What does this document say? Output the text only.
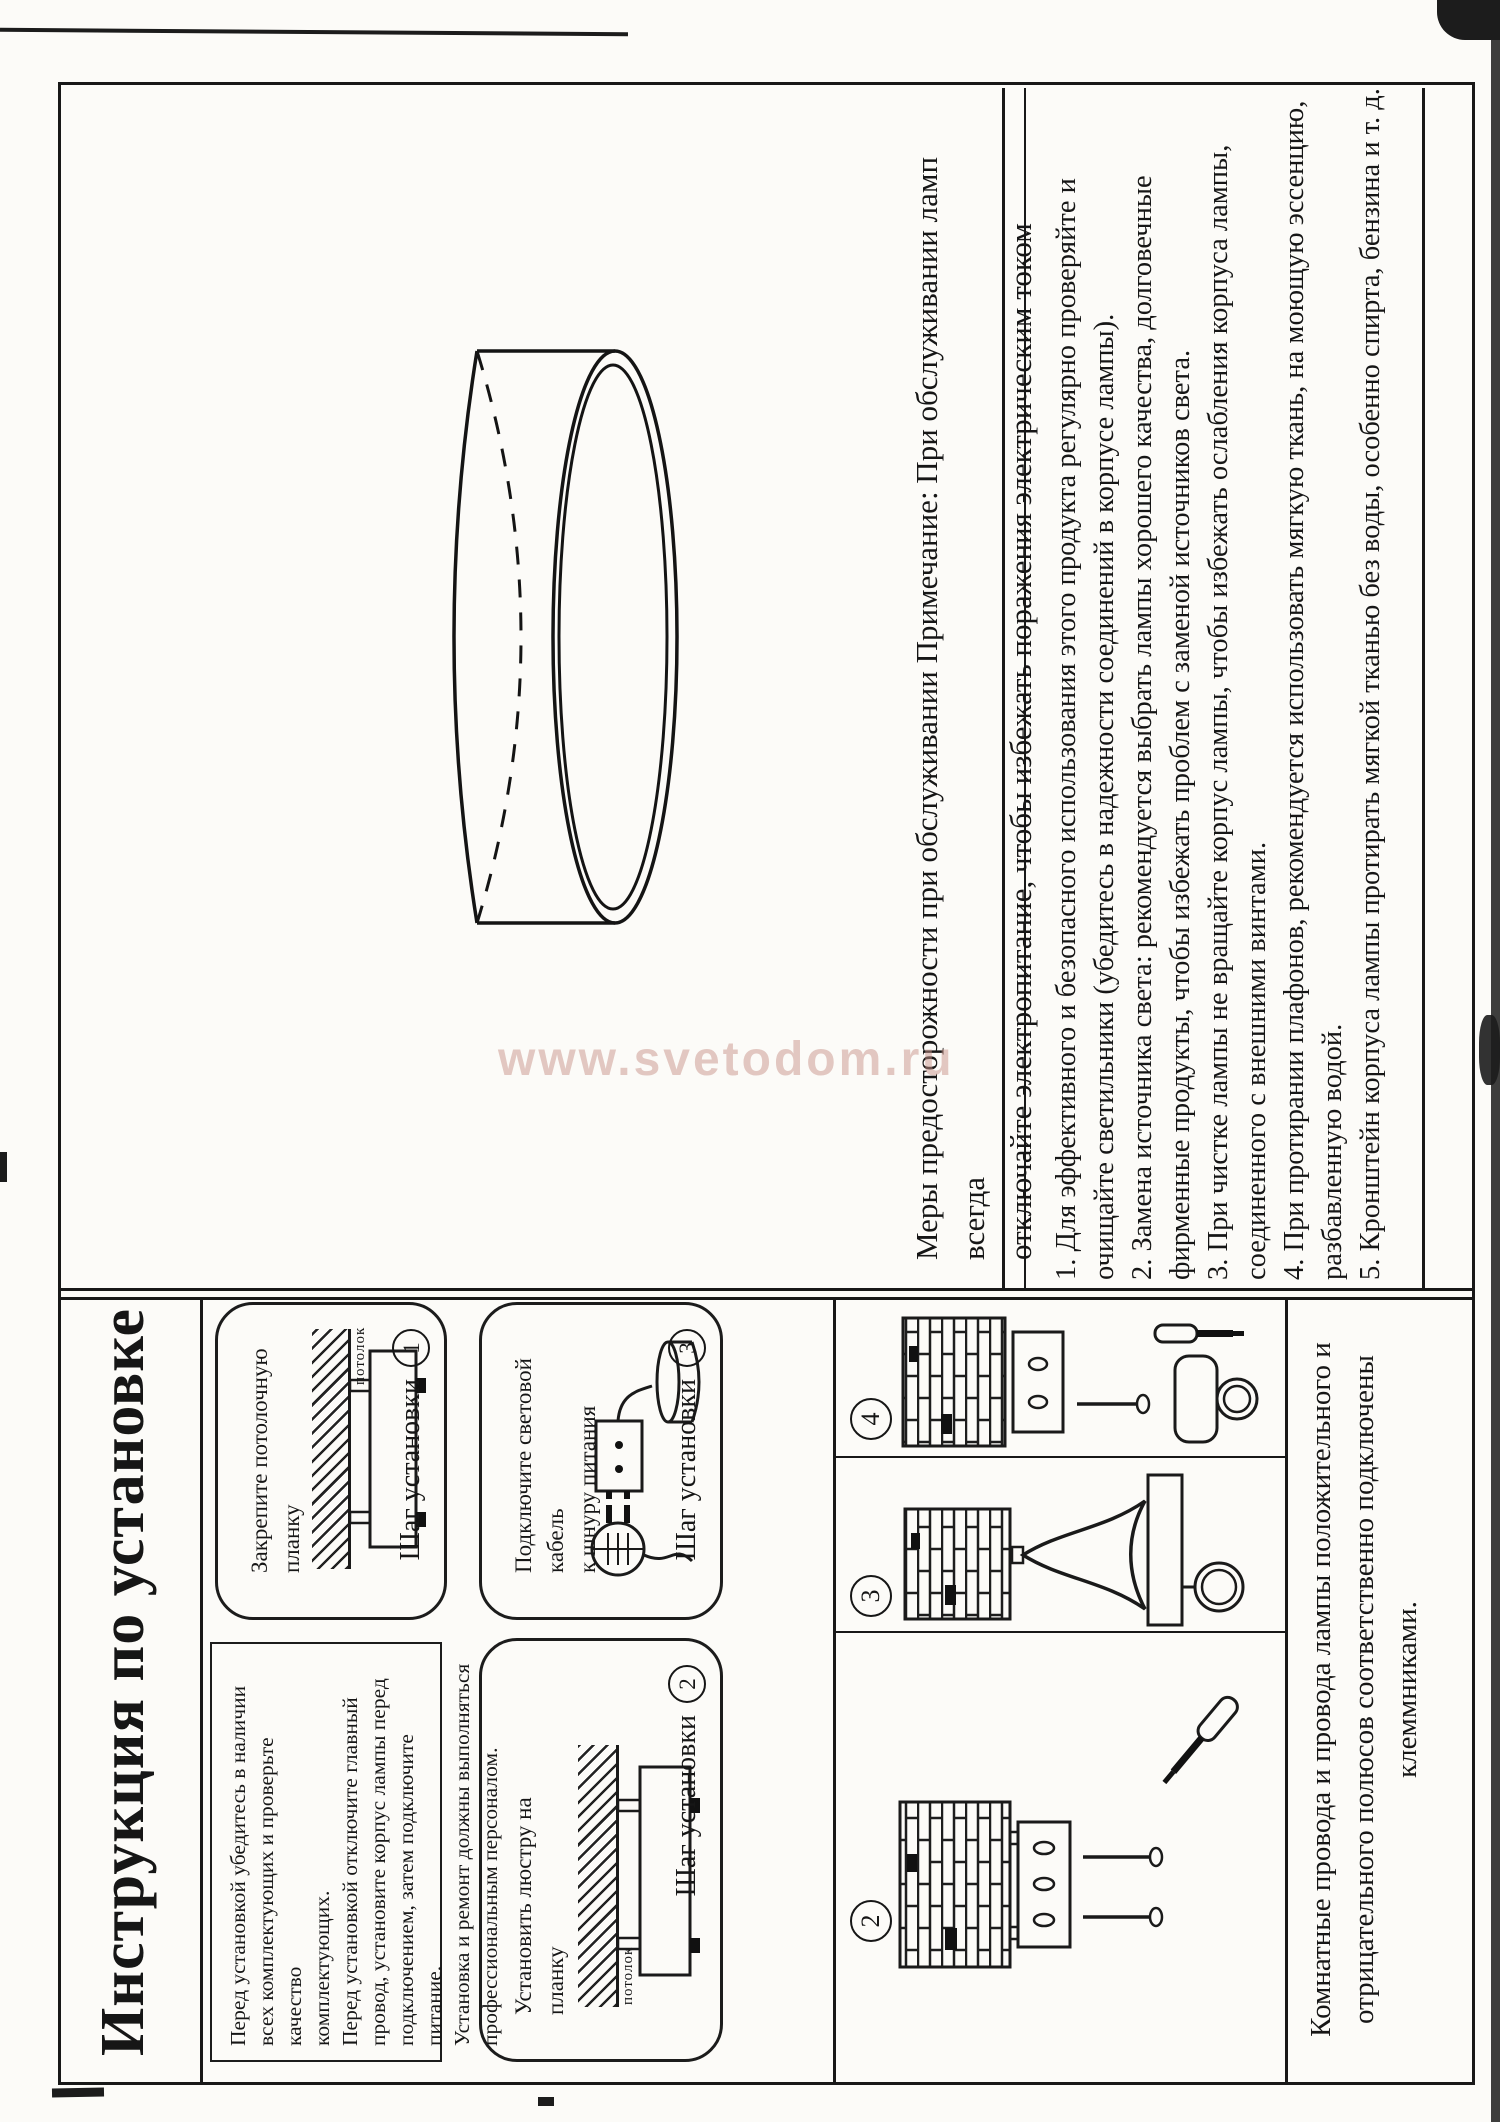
Инструкция по установке	Перед установкой убедитесь в наличии всех комплектующих и проверьте качество комплектующих. Перед установкой отключите главный провод, установите корпус лампы перед подключением, затем подключите питание. Установка и ремонт должны выполняться профессиональным персоналом.
Закрепите потолочную планку
потолок
Шаг установки
1
Установить люстру на планку	потолок
Шаг установки
2
Подключите световой кабель к шнуру питания	Шаг установки
3
2
3
4	Комнатные провода и провода лампы положительного и отрицательного полюсов соответственно подключены клеммниками.
Меры предосторожности при обслуживании Примечание: При обслуживании ламп всегда отключайте электропитание, чтобы избежать поражения электрическим током 1. Для эффективного и безопасного использования этого продукта регулярно проверяйте и очищайте светильники (убедитесь в надежности соединений в корпусе лампы). 2. Замена источника света: рекомендуется выбрать лампы хорошего качества, долговечные фирменные продукты, чтобы избежать проблем с заменой источников света. 3. При чистке лампы не вращайте корпус лампы, чтобы избежать ослабления корпуса лампы, соединенного с внешними винтами. 4. При протирании плафонов, рекомендуется использовать мягкую ткань, на моющую эссенцию, разбавленную водой. 5. Кронштейн корпуса лампы протирать мягкой тканью без воды, особенно спирта, бензина и т. д.
www.svetodom.ru
